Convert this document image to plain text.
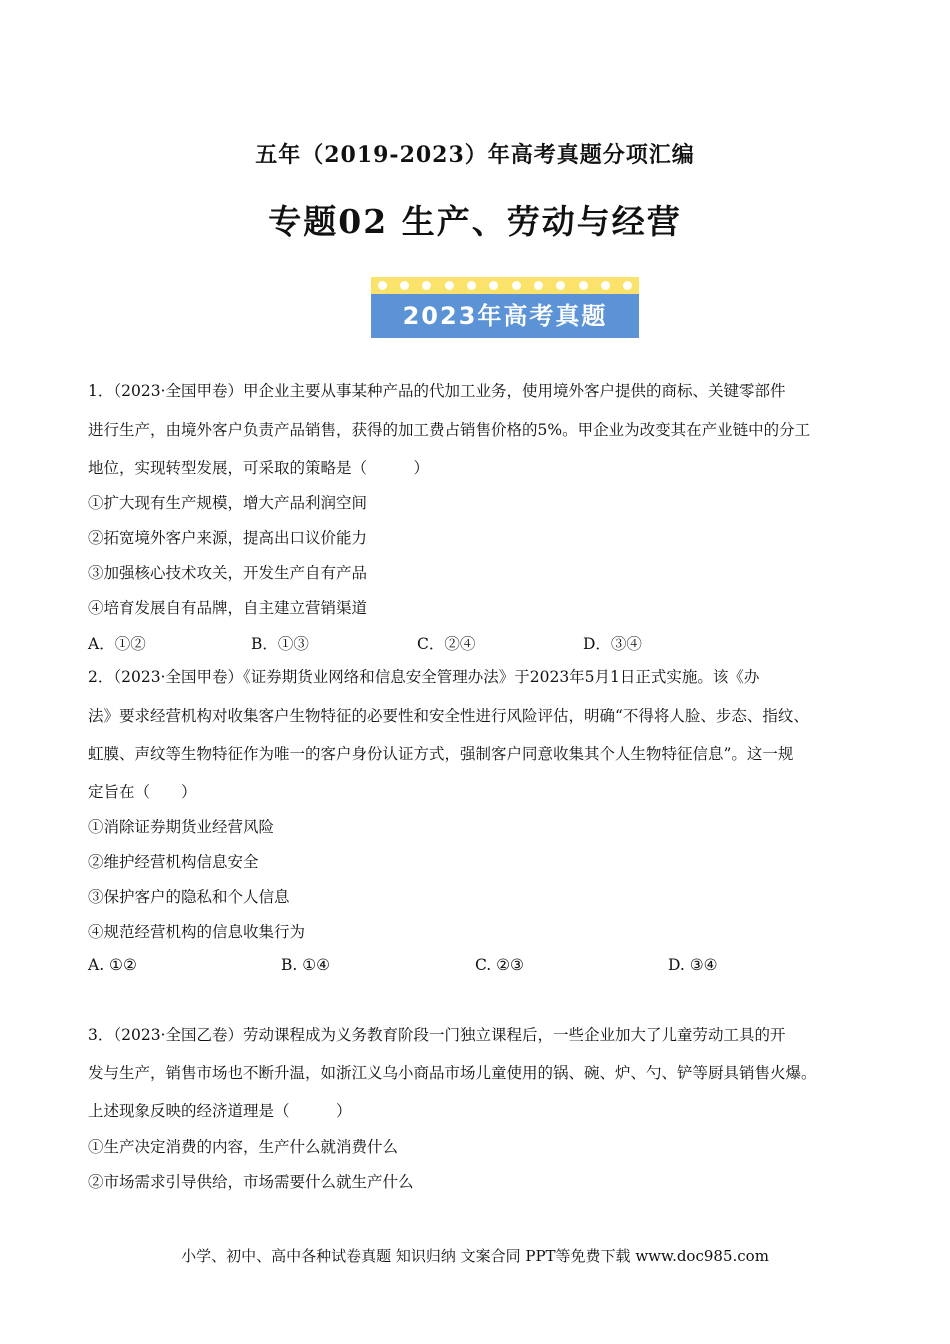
五年（2019-2023）年高考真题分项汇编
专题02 生产、劳动与经营
2023年高考真题
1．（2023·全国甲卷）甲企业主要从事某种产品的代加工业务，使用境外客户提供的商标、关键零部件
进行生产，由境外客户负责产品销售，获得的加工费占销售价格的5%。甲企业为改变其在产业链中的分工
地位，实现转型发展，可采取的策略是（　　　）
①扩大现有生产规模，增大产品利润空间
②拓宽境外客户来源，提高出口议价能力
③加强核心技术攻关，开发生产自有产品
④培育发展自有品牌，自主建立营销渠道
A．①②	B．①③	C．②④	D．③④
2．（2023·全国甲卷）《证券期货业网络和信息安全管理办法》于2023年5月1日正式实施。该《办
法》要求经营机构对收集客户生物特征的必要性和安全性进行风险评估，明确“不得将人脸、步态、指纹、
虹膜、声纹等生物特征作为唯一的客户身份认证方式，强制客户同意收集其个人生物特征信息”。这一规
定旨在（　　）
①消除证券期货业经营风险
②维护经营机构信息安全
③保护客户的隐私和个人信息
④规范经营机构的信息收集行为
A. ①②	B. ①④	C. ②③	D. ③④
3．（2023·全国乙卷）劳动课程成为义务教育阶段一门独立课程后，一些企业加大了儿童劳动工具的开
发与生产，销售市场也不断升温，如浙江义乌小商品市场儿童使用的锅、碗、炉、勺、铲等厨具销售火爆。
上述现象反映的经济道理是（　　　）
①生产决定消费的内容，生产什么就消费什么
②市场需求引导供给，市场需要什么就生产什么
小学、初中、高中各种试卷真题 知识归纳 文案合同 PPT等免费下载 www.doc985.com
